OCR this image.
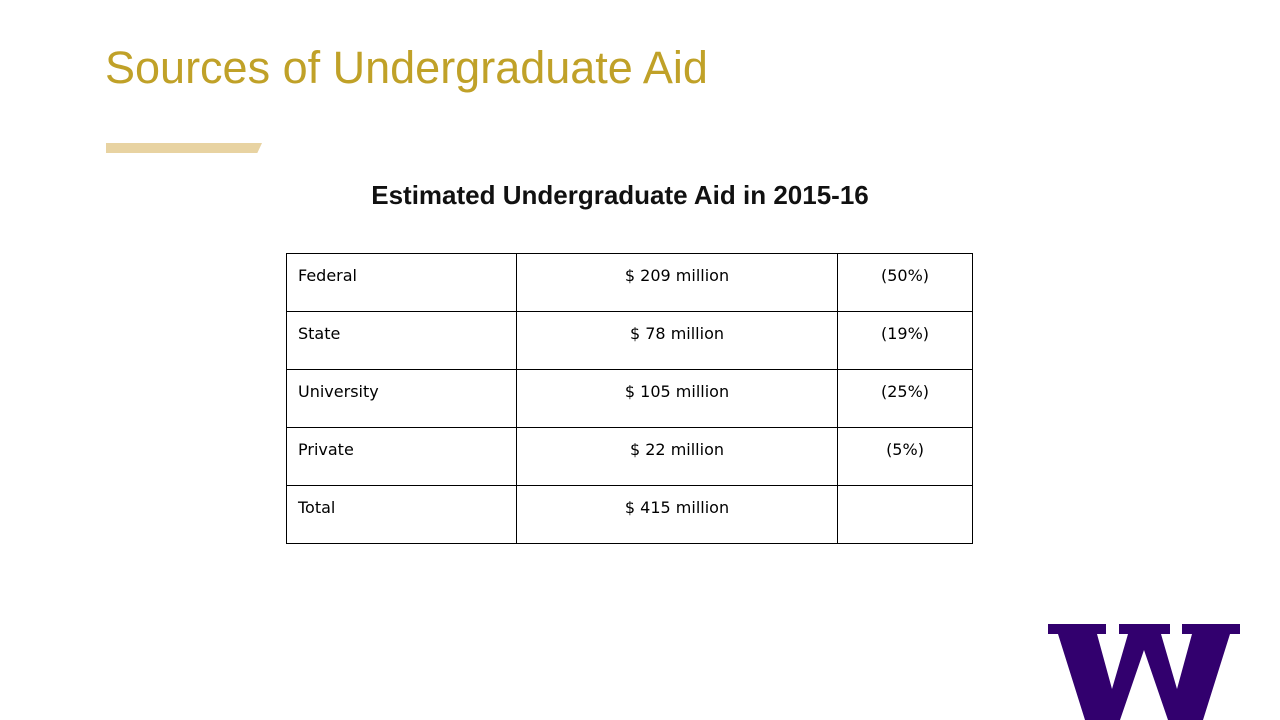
Sources of Undergraduate Aid
Estimated Undergraduate Aid in 2015-16
Federal	$ 209 million	(50%)

State	$ 78 million	(19%)

University	$ 105 million	(25%)

Private	$ 22 million	(5%)

Total	$ 415 million	
